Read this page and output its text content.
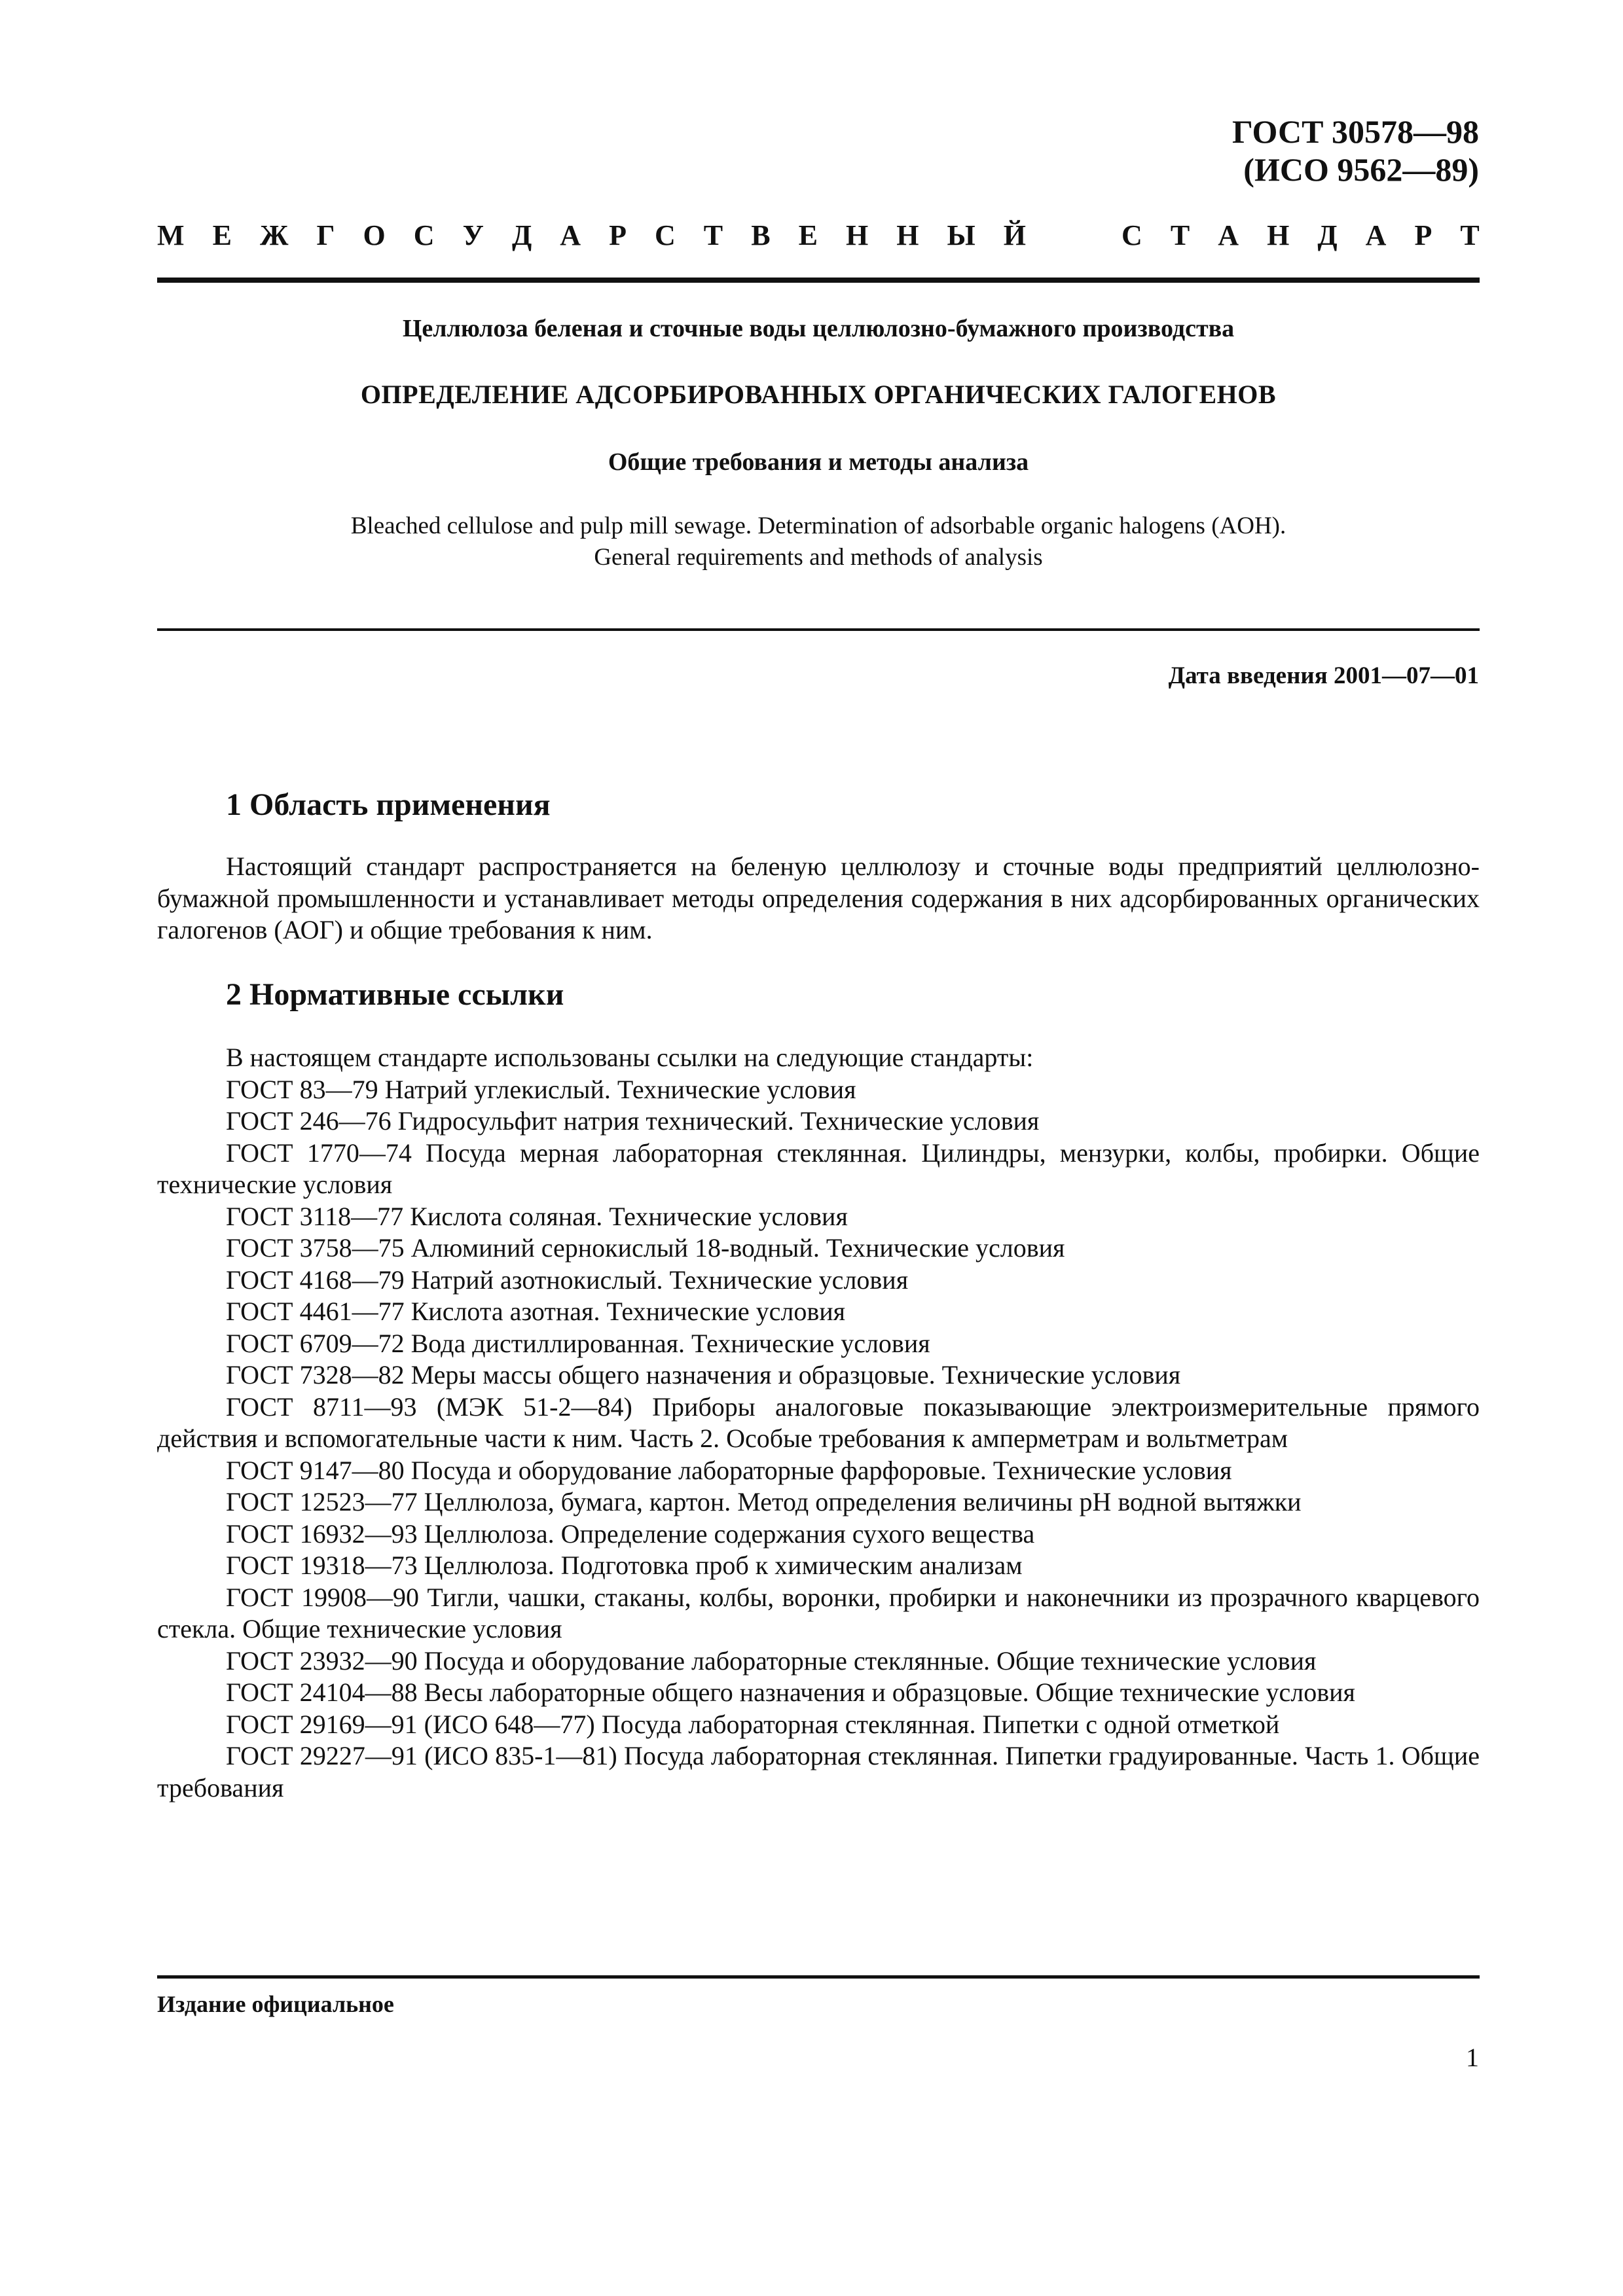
ГОСТ 30578—98
(ИСО 9562—89)
М Е Ж Г О С У Д А Р С Т В Е Н Н Ы Й	С Т А Н Д А Р Т
Целлюлоза беленая и сточные воды целлюлозно-бумажного производства
ОПРЕДЕЛЕНИЕ АДСОРБИРОВАННЫХ ОРГАНИЧЕСКИХ ГАЛОГЕНОВ
Общие требования и методы анализа
Bleached cellulose and pulp mill sewage. Determination of adsorbable organic halogens (AOH).
General requirements and methods of analysis
Дата введения 2001—07—01
1 Область применения

Настоящий стандарт распространяется на беленую целлюлозу и сточные воды предприятий целлюлозно-бумажной промышленности и устанавливает методы определения содержания в них адсорбированных органических галогенов (АОГ) и общие требования к ним.

2 Нормативные ссылки

В настоящем стандарте использованы ссылки на следующие стандарты:

ГОСТ 83—79 Натрий углекислый. Технические условия

ГОСТ 246—76 Гидросульфит натрия технический. Технические условия

ГОСТ 1770—74 Посуда мерная лабораторная стеклянная. Цилиндры, мензурки, колбы, пробирки. Общие технические условия

ГОСТ 3118—77 Кислота соляная. Технические условия

ГОСТ 3758—75 Алюминий сернокислый 18-водный. Технические условия

ГОСТ 4168—79 Натрий азотнокислый. Технические условия

ГОСТ 4461—77 Кислота азотная. Технические условия

ГОСТ 6709—72 Вода дистиллированная. Технические условия

ГОСТ 7328—82 Меры массы общего назначения и образцовые. Технические условия

ГОСТ 8711—93 (МЭК 51-2—84) Приборы аналоговые показывающие электроизмерительные прямого действия и вспомогательные части к ним. Часть 2. Особые требования к амперметрам и вольтметрам

ГОСТ 9147—80 Посуда и оборудование лабораторные фарфоровые. Технические условия

ГОСТ 12523—77 Целлюлоза, бумага, картон. Метод определения величины pH водной вытяжки

ГОСТ 16932—93 Целлюлоза. Определение содержания сухого вещества

ГОСТ 19318—73 Целлюлоза. Подготовка проб к химическим анализам

ГОСТ 19908—90 Тигли, чашки, стаканы, колбы, воронки, пробирки и наконечники из прозрачного кварцевого стекла. Общие технические условия

ГОСТ 23932—90 Посуда и оборудование лабораторные стеклянные. Общие технические условия

ГОСТ 24104—88 Весы лабораторные общего назначения и образцовые. Общие технические условия

ГОСТ 29169—91 (ИСО 648—77) Посуда лабораторная стеклянная. Пипетки с одной отметкой

ГОСТ 29227—91 (ИСО 835-1—81) Посуда лабораторная стеклянная. Пипетки градуированные. Часть 1. Общие требования

Издание официальное
1
